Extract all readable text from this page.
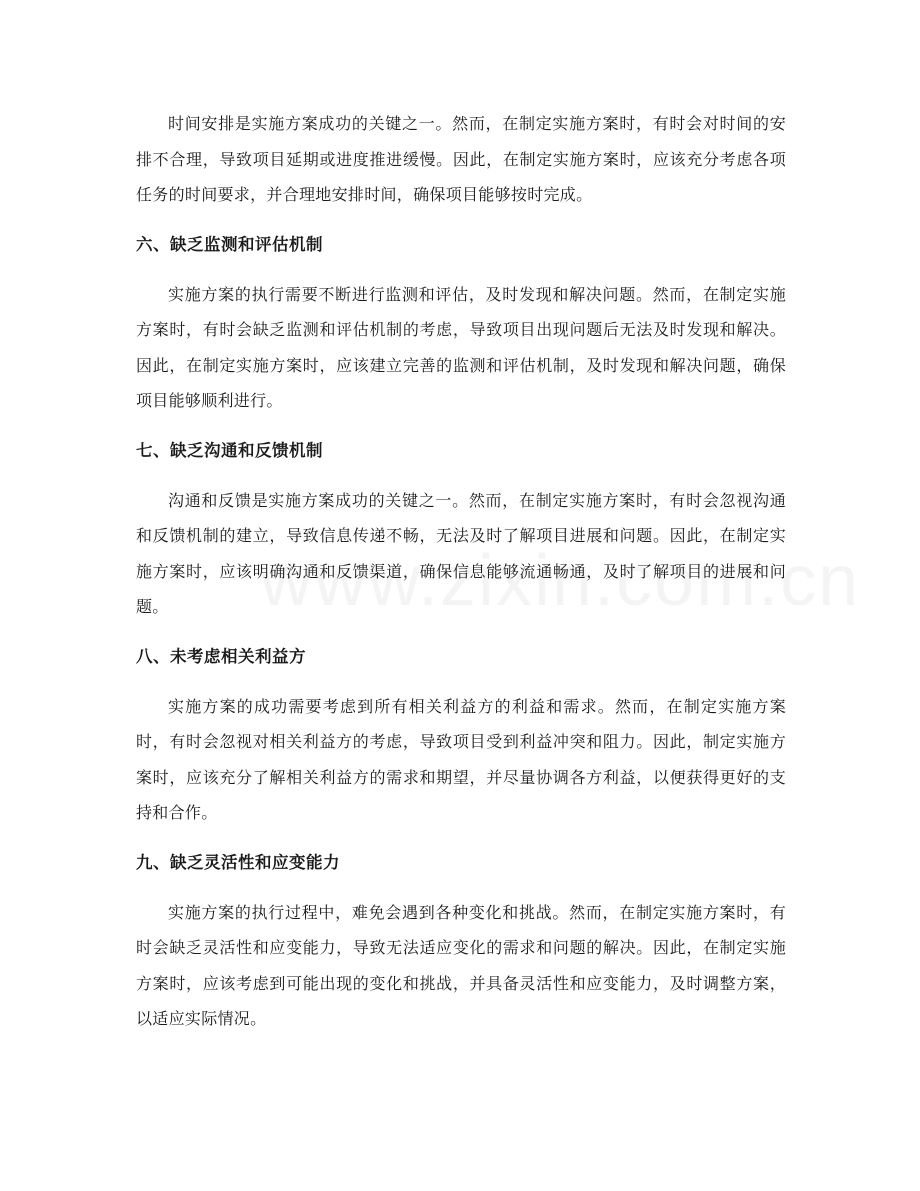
时间安排是实施方案成功的关键之一。然而，在制定实施方案时，有时会对时间的安排不合理，导致项目延期或进度推进缓慢。因此，在制定实施方案时，应该充分考虑各项任务的时间要求，并合理地安排时间，确保项目能够按时完成。

六、缺乏监测和评估机制

实施方案的执行需要不断进行监测和评估，及时发现和解决问题。然而，在制定实施方案时，有时会缺乏监测和评估机制的考虑，导致项目出现问题后无法及时发现和解决。因此，在制定实施方案时，应该建立完善的监测和评估机制，及时发现和解决问题，确保项目能够顺利进行。

七、缺乏沟通和反馈机制

沟通和反馈是实施方案成功的关键之一。然而，在制定实施方案时，有时会忽视沟通和反馈机制的建立，导致信息传递不畅，无法及时了解项目进展和问题。因此，在制定实施方案时，应该明确沟通和反馈渠道，确保信息能够流通畅通，及时了解项目的进展和问题。

八、未考虑相关利益方

实施方案的成功需要考虑到所有相关利益方的利益和需求。然而，在制定实施方案时，有时会忽视对相关利益方的考虑，导致项目受到利益冲突和阻力。因此，制定实施方案时，应该充分了解相关利益方的需求和期望，并尽量协调各方利益，以便获得更好的支持和合作。

九、缺乏灵活性和应变能力

实施方案的执行过程中，难免会遇到各种变化和挑战。然而，在制定实施方案时，有时会缺乏灵活性和应变能力，导致无法适应变化的需求和问题的解决。因此，在制定实施方案时，应该考虑到可能出现的变化和挑战，并具备灵活性和应变能力，及时调整方案，以适应实际情况。
